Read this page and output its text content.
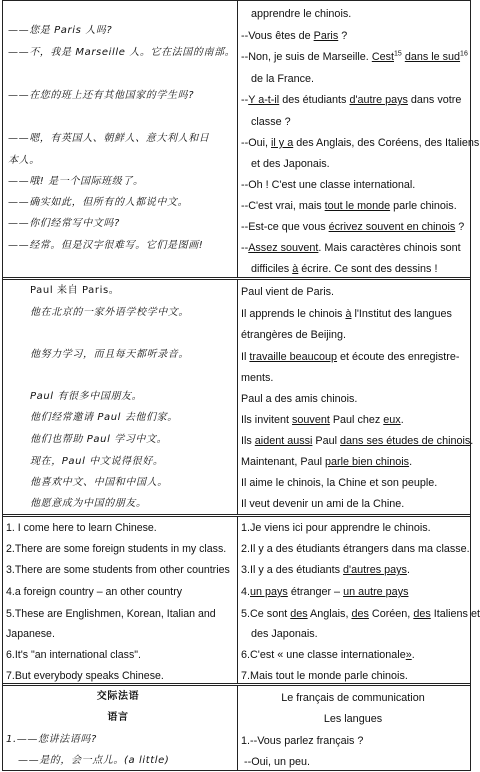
——您是 Paris 人吗?
——不，我是 Marseille 人。它在法国的南部。
——在您的班上还有其他国家的学生吗?
——嗯，有英国人、朝鲜人、意大利人和日
本人。
——哦! 是一个国际班级了。
——确实如此，但所有的人都说中文。
——你们经常写中文吗?
——经常。但是汉字很难写。它们是图画!
apprendre le chinois.
--Vous êtes de Paris ?
--Non, je suis de Marseille. Cest$^{15}$ dans le sud$^{16}$
de la France.
--Y a-t-il des étudiants d'autre pays dans votre
classe ?
--Oui, il y a des Anglais, des Coréens, des Italiens
et des Japonais.
--Oh ! C'est une classe international.
--C'est vrai, mais tout le monde parle chinois.
--Est-ce que vous écrivez souvent en chinois ?
--Assez souvent. Mais caractères chinois sont
difficiles à écrire. Ce sont des dessins !
Paul 来自 Paris。
他在北京的一家外语学校学中文。
他努力学习，而且每天都听录音。
Paul 有很多中国朋友。
他们经常邀请 Paul 去他们家。
他们也帮助 Paul 学习中文。
现在，Paul 中文说得很好。
他喜欢中文、中国和中国人。
他愿意成为中国的朋友。
Paul vient de Paris.
Il apprends le chinois à l'Institut des langues
étrangères de Beijing.
Il travaille beaucoup et écoute des enregistre-
ments.
Paul a des amis chinois.
Ils invitent souvent Paul chez eux.
Ils aident aussi Paul dans ses études de chinois.
Maintenant, Paul parle bien chinois.
Il aime le chinois, la Chine et son peuple.
Il veut devenir un ami de la Chine.
1. I come here to learn Chinese.
2.There are some foreign students in my class.
3.There are some students from other countries
4.a foreign country – an other country
5.These are Englishmen, Korean, Italian and
Japanese.
6.It's "an international class".
7.But everybody speaks Chinese.
1.Je viens ici pour apprendre le chinois.
2.Il y a des étudiants étrangers dans ma classe.
3.Il y a des étudiants d'autres pays.
4.un pays étranger – un autre pays
5.Ce sont des Anglais, des Coréen, des Italiens et
des Japonais.
6.C'est « une classe internationale».
7.Mais tout le monde parle chinois.
交际法语
语言
1.——您讲法语吗?
——是的，会一点儿。(a little)
Le français de communication
Les langues
1.--Vous parlez français ?
--Oui, un peu.
